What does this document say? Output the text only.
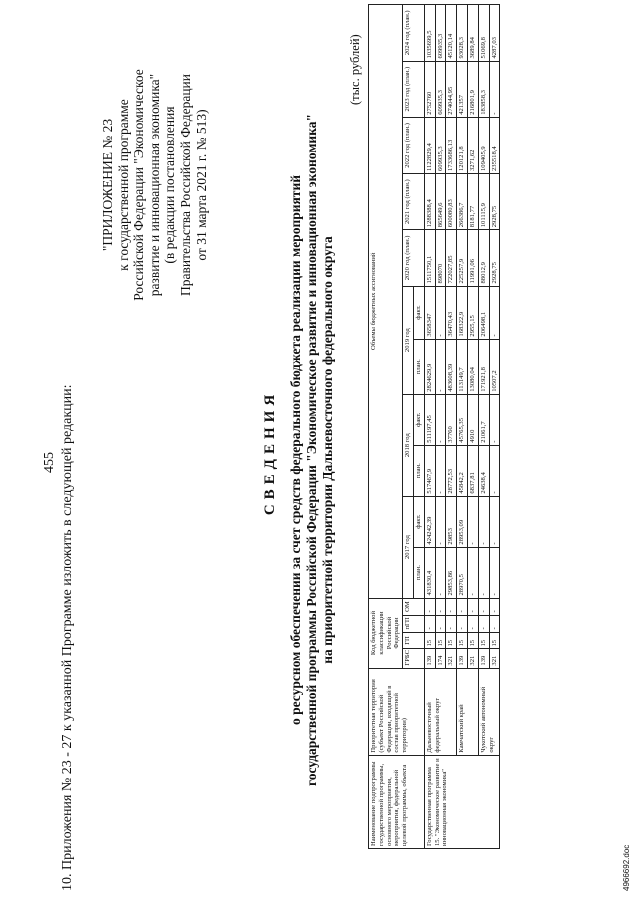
455 10. Приложения № 23 - 27 к указанной Программе изложить в следующей редакции:
"ПРИЛОЖЕНИЕ № 23 к государственной программе Российской Федерации "Экономическое развитие и инновационная экономика" (в редакции постановления Правительства Российской Федерации от 31 марта 2021 г. № 513)
СВЕДЕНИЯ о ресурсном обеспечении за счет средств федерального бюджета реализации мероприятий государственной программы Российской Федерации "Экономическое развитие и инновационная экономика" на приоритетной территории Дальневосточного федерального округа
(тыс. рублей)
Наименование подпрограммы государственной программы, основного мероприятия, мероприятия, федеральной целевой программы, объекта	Приоритетная территория (субъект Российской Федерации, входящий в состав приоритетной территории)	Код бюджетной классификации Российской Федерации				Объемы бюджетных ассигнований										
		ГРБС	ГП	пГП	ОМ	2017 год		2018 год		2019 год		2020 год (план.)	2021 год (план.)	2022 год (план.)	2023 год (план.)	2024 год (план.)
						план.	факт.	план.	факт.	план.	факт.					
Государственная программа 15. "Экономическое развитие и инновационная экономика"	Дальневосточный федеральный округ	139	15	-	-	431830,4	424242,39	517467,9	511197,45	2824629,9	3658347	1511750,1	1288388,4	1122829,4	2752760	1035699,5
		174	15	-	-	-	-	-	-	-	-	898070	865649,6	609935,3	609935,3	609935,3
		321	15	-	-	29853,86	29853	28772,53	37760	483608,39	36470,43	722027,85	600080,83	1733686,13	274044,95	45120,14
	Камчатский край	139	15	-	-	28970,5	28953,09	45842,2	45765,35	113149,7	168322,9	225257,9	266386,7	120121,8	421357	93028,3
		321	15	-	-	-	-	6837,81	4910	13080,04	2955,15	11991,06	8181,77	3271,62	216801,9	3689,84
	Чукотский автономный округ	139	15	-	-	-	-	24638,4	21061,7	171921,8	206498,1	88012,9	101115,9	109405,9	183858,3	51069,8
		321	15	-	-	-	-	-	-	10507,2	-	2928,75	2928,75	235518,4	-	4287,03
4966692.doc
